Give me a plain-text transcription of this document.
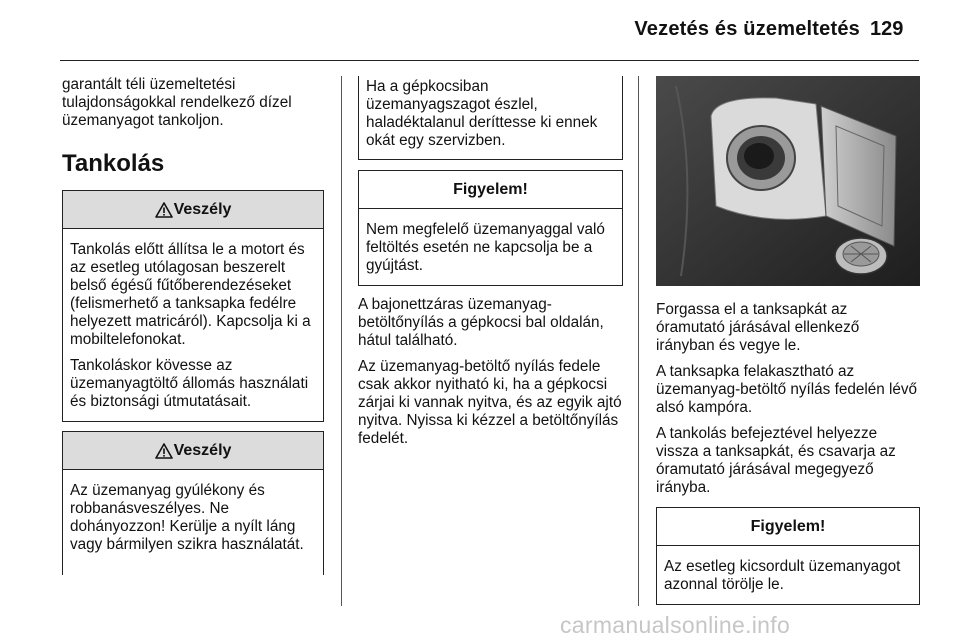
Vezetés és üzemeltetés 129

garantált téli üzemeltetési tulajdonságokkal rendelkező dízel üzemanyagot tankoljon.

Tankolás
Veszély

Tankolás előtt állítsa le a motort és az esetleg utólagosan beszerelt belső égésű fűtőberendezéseket (felismerhető a tanksapka fedélre helyezett matricáról). Kapcsolja ki a mobiltelefonokat.

Tankoláskor kövesse az üzemanyagtöltő állomás használati és biztonsági útmutatásait.

Veszély

Az üzemanyag gyúlékony és robbanásveszélyes. Ne dohányozzon! Kerülje a nyílt láng vagy bármilyen szikra használatát.

Ha a gépkocsiban üzemanyagszagot észlel, haladéktalanul deríttesse ki ennek okát egy szervizben.

Figyelem!

Nem megfelelő üzemanyaggal való feltöltés esetén ne kapcsolja be a gyújtást.

A bajonettzáras üzemanyag-betöltőnyílás a gépkocsi bal oldalán, hátul található.

Az üzemanyag-betöltő nyílás fedele csak akkor nyitható ki, ha a gépkocsi zárjai ki vannak nyitva, és az egyik ajtó nyitva. Nyissa ki kézzel a betöltőnyílás fedelét.

Forgassa el a tanksapkát az óramutató járásával ellenkező irányban és vegye le.

A tanksapka felakasztható az üzemanyag-betöltő nyílás fedelén lévő alsó kampóra.

A tankolás befejeztével helyezze vissza a tanksapkát, és csavarja az óramutató járásával megegyező irányba.

Figyelem!

Az esetleg kicsordult üzemanyagot azonnal törölje le.

carmanualsonline.info
